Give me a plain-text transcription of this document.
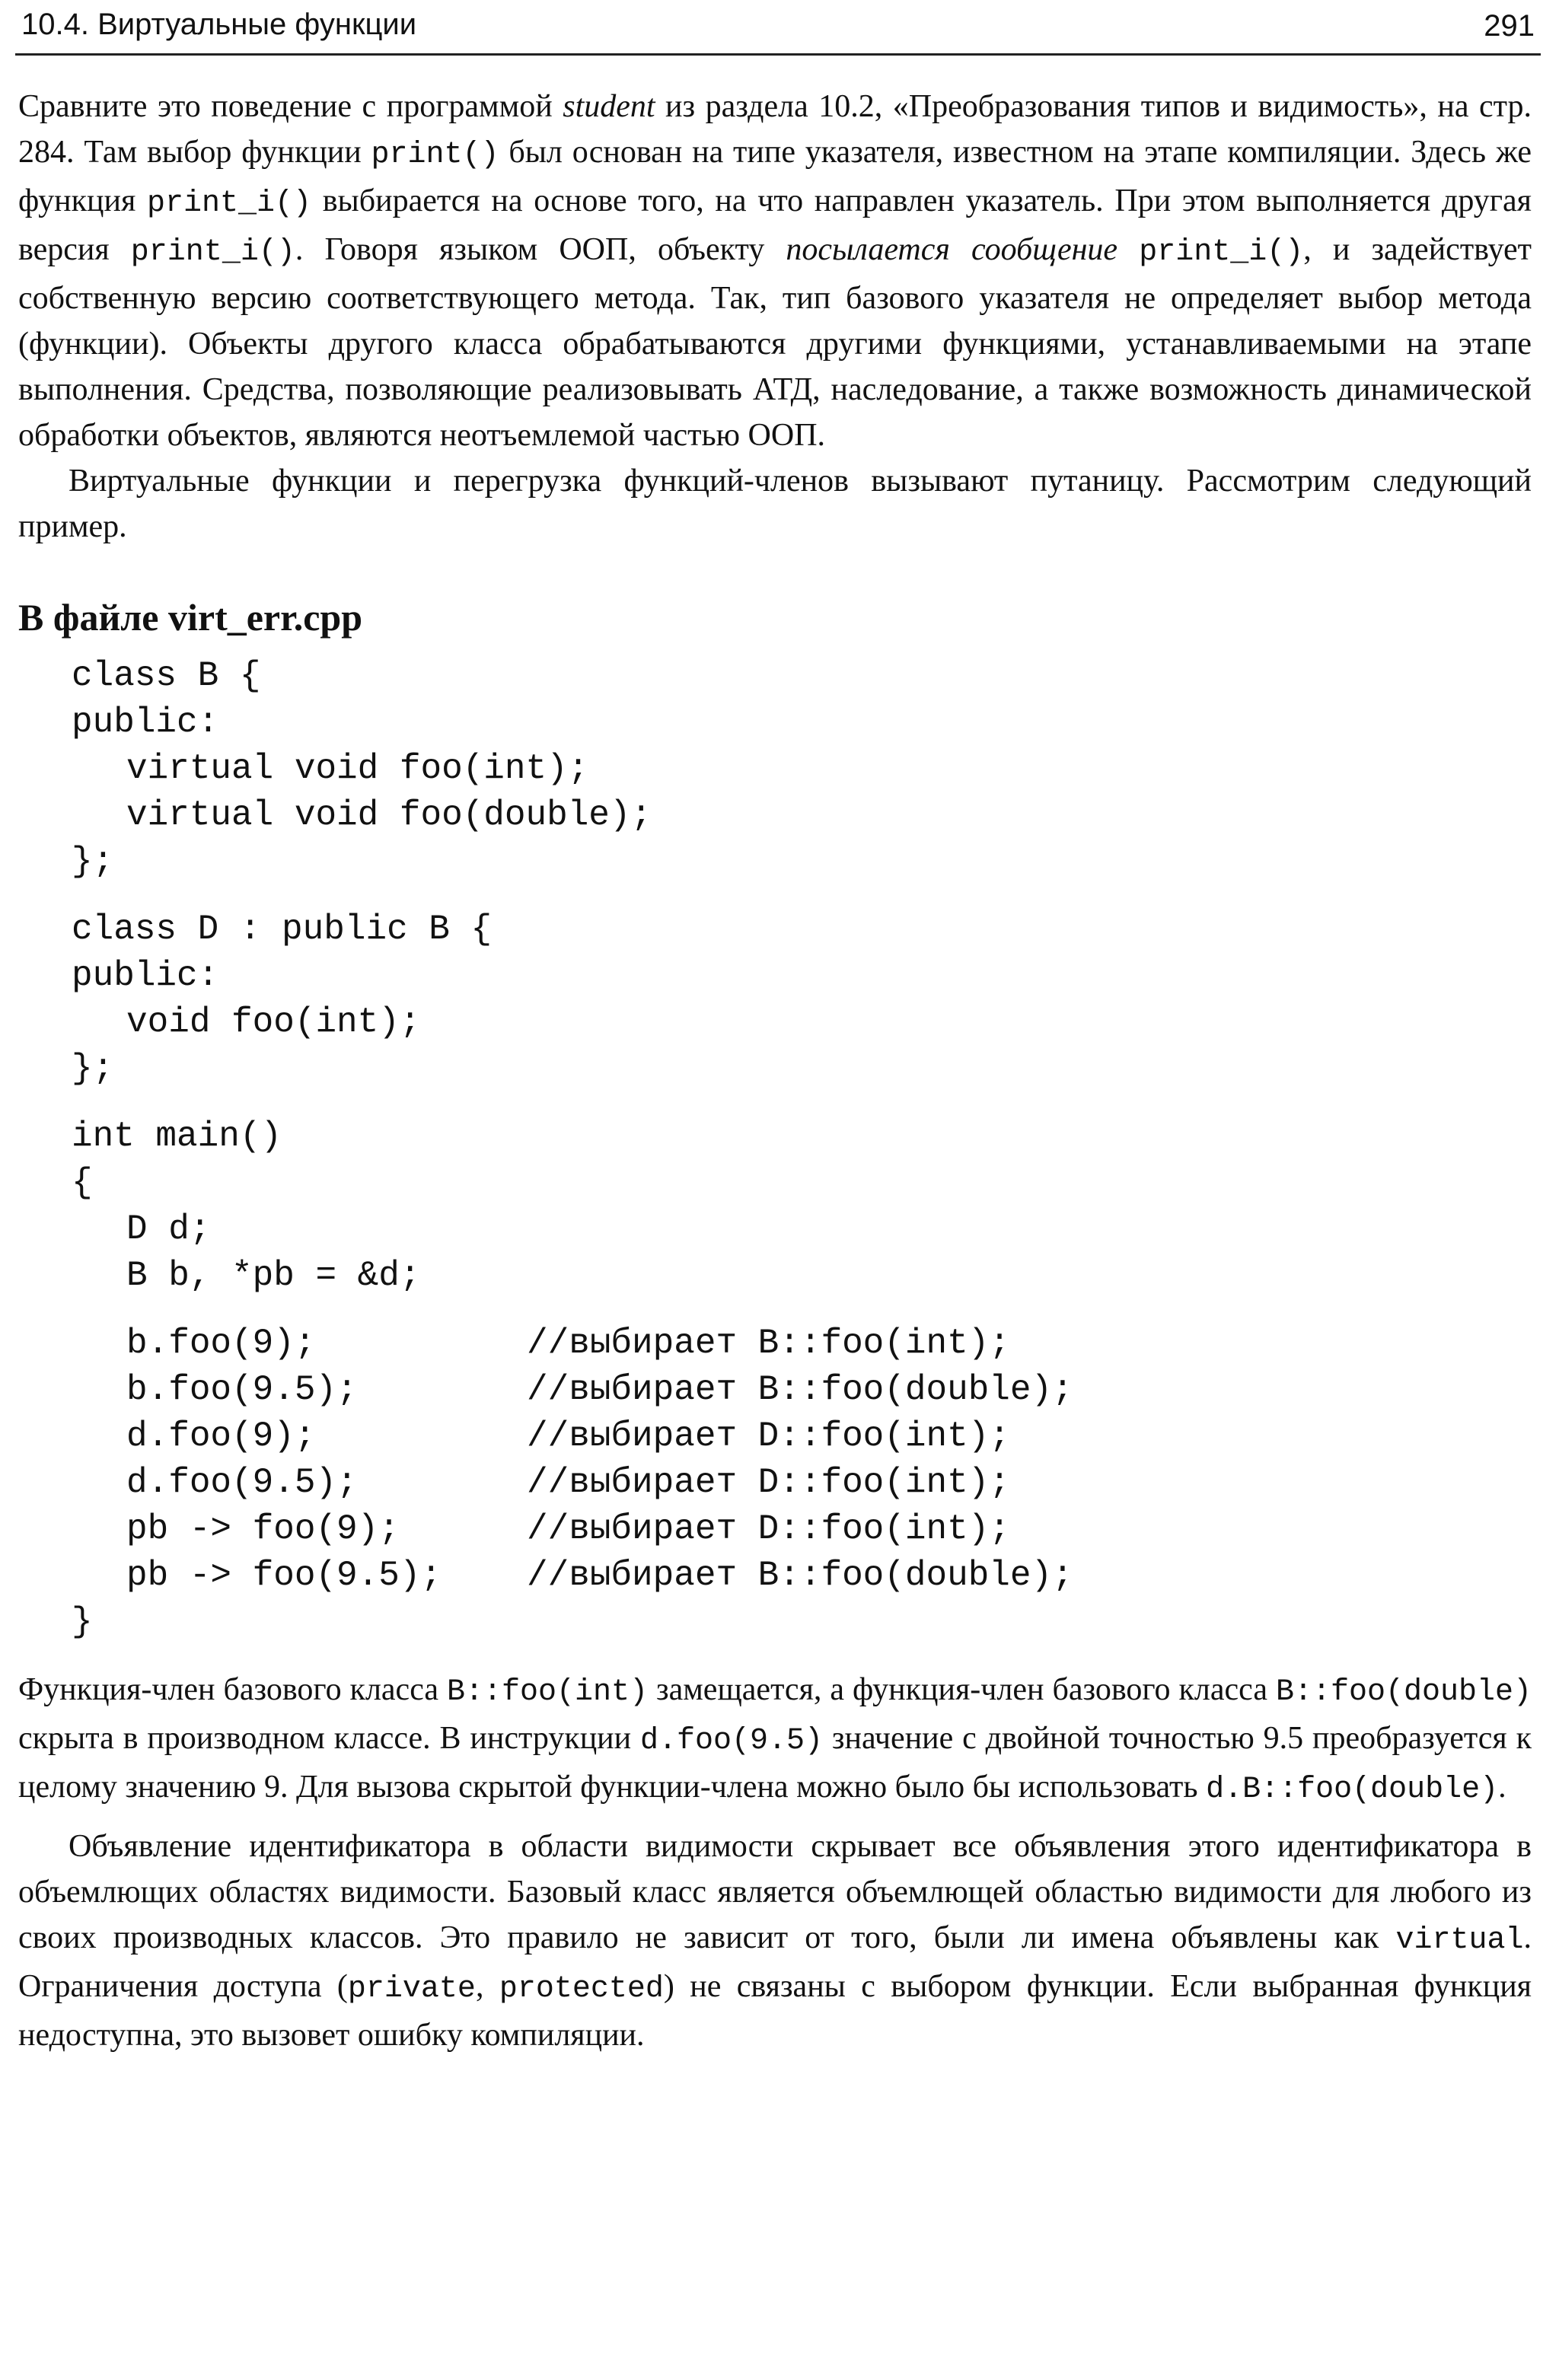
10.4. Виртуальные функции	291

Сравните это поведение с программой student из раздела 10.2, «Преобразования типов и видимость», на стр. 284. Там выбор функции print() был основан на типе указателя, известном на этапе компиляции. Здесь же функция print_i() выбирается на основе того, на что направлен указатель. При этом выполняется другая версия print_i(). Говоря языком ООП, объекту посылается сообщение print_i(), и задействует собственную версию соответствующего метода. Так, тип базового указателя не определяет выбор метода (функции). Объекты другого класса обрабатываются другими функциями, устанавливаемыми на этапе выполнения. Средства, позволяющие реализовывать АТД, наследование, а также возможность динамической обработки объектов, являются неотъемлемой частью ООП.

Виртуальные функции и перегрузка функций-членов вызывают путаницу. Рассмотрим следующий пример.

В файле virt_err.cpp
class B {
public:
virtual void foo(int);
virtual void foo(double);
};
class D : public B {
public:
void foo(int);
};
int main()
{
D d;
B b, *pb = &d;
b.foo(9);	//выбирает B::foo(int);
b.foo(9.5);	//выбирает B::foo(double);
d.foo(9);	//выбирает D::foo(int);
d.foo(9.5);	//выбирает D::foo(int);
pb -> foo(9);	//выбирает D::foo(int);
pb -> foo(9.5);	//выбирает B::foo(double);
}

Функция-член базового класса B::foo(int) замещается, а функция-член базового класса B::foo(double) скрыта в производном классе. В инструкции d.foo(9.5) значение с двойной точностью 9.5 преобразуется к целому значению 9. Для вызова скрытой функции-члена можно было бы использовать d.B::foo(double).

Объявление идентификатора в области видимости скрывает все объявления этого идентификатора в объемлющих областях видимости. Базовый класс является объемлющей областью видимости для любого из своих производных классов. Это правило не зависит от того, были ли имена объявлены как virtual. Ограничения доступа (private, protected) не связаны с выбором функции. Если выбранная функция недоступна, это вызовет ошибку компиляции.
